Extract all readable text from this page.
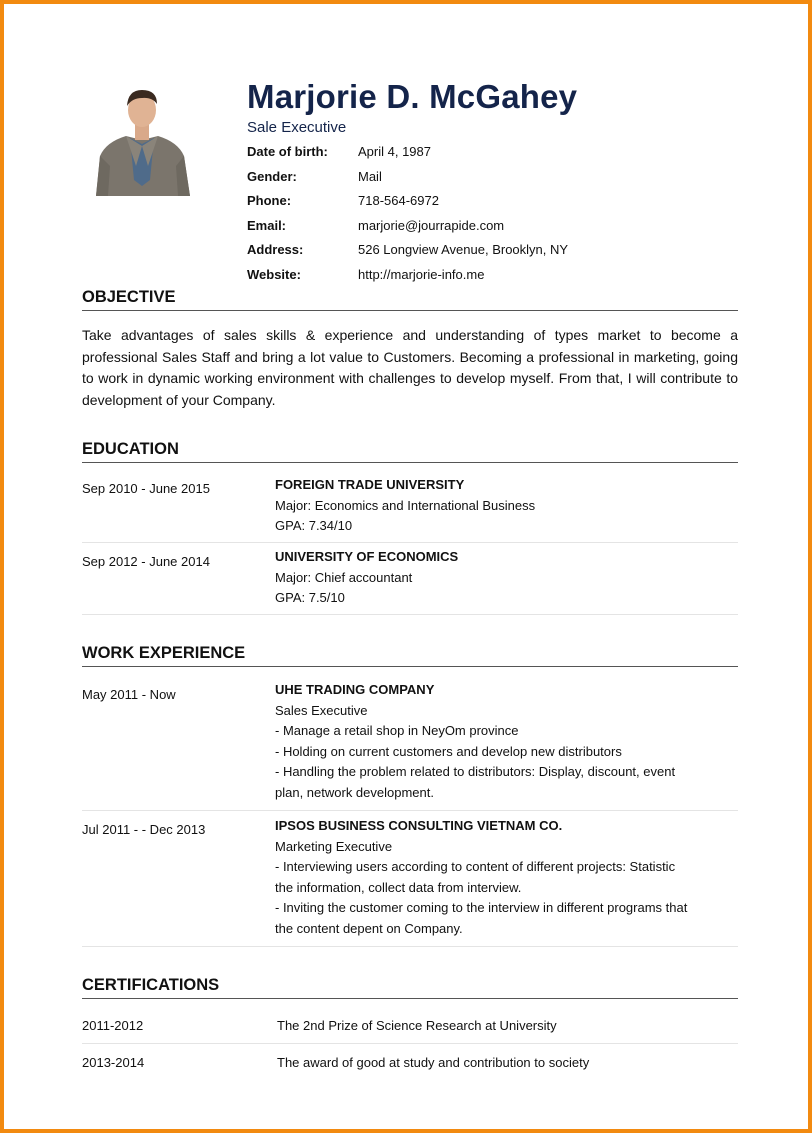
Marjorie D. McGahey
Sale Executive
Date of birth: April 4, 1987
Gender:	Mail
Phone:	718-564-6972
Email:	marjorie@jourrapide.com
Address:	526 Longview Avenue, Brooklyn, NY
Website:	http://marjorie-info.me
OBJECTIVE
Take advantages of sales skills & experience and understanding of types market to become a professional Sales Staff and bring a lot value to Customers. Becoming a professional in marketing, going to work in dynamic working environment with challenges to develop myself. From that, I will contribute to development of your Company.
EDUCATION
Sep 2010 - June 2015	FOREIGN TRADE UNIVERSITY
Major: Economics and International Business
GPA: 7.34/10
Sep 2012 - June 2014	UNIVERSITY OF ECONOMICS
Major: Chief accountant
GPA: 7.5/10
WORK EXPERIENCE
May 2011 - Now	UHE TRADING COMPANY
Sales Executive
- Manage a retail shop in NeyOm province
- Holding on current customers and develop new distributors
- Handling the problem related to distributors: Display, discount, event
plan, network development.
Jul 2011 - - Dec 2013	IPSOS BUSINESS CONSULTING VIETNAM CO.
Marketing Executive
- Interviewing users according to content of different projects: Statistic
the information, collect data from interview.
- Inviting the customer coming to the interview in different programs that
the content depent on Company.
CERTIFICATIONS
2011-2012	The 2nd Prize of Science Research at University
2013-2014	The award of good at study and contribution to society
